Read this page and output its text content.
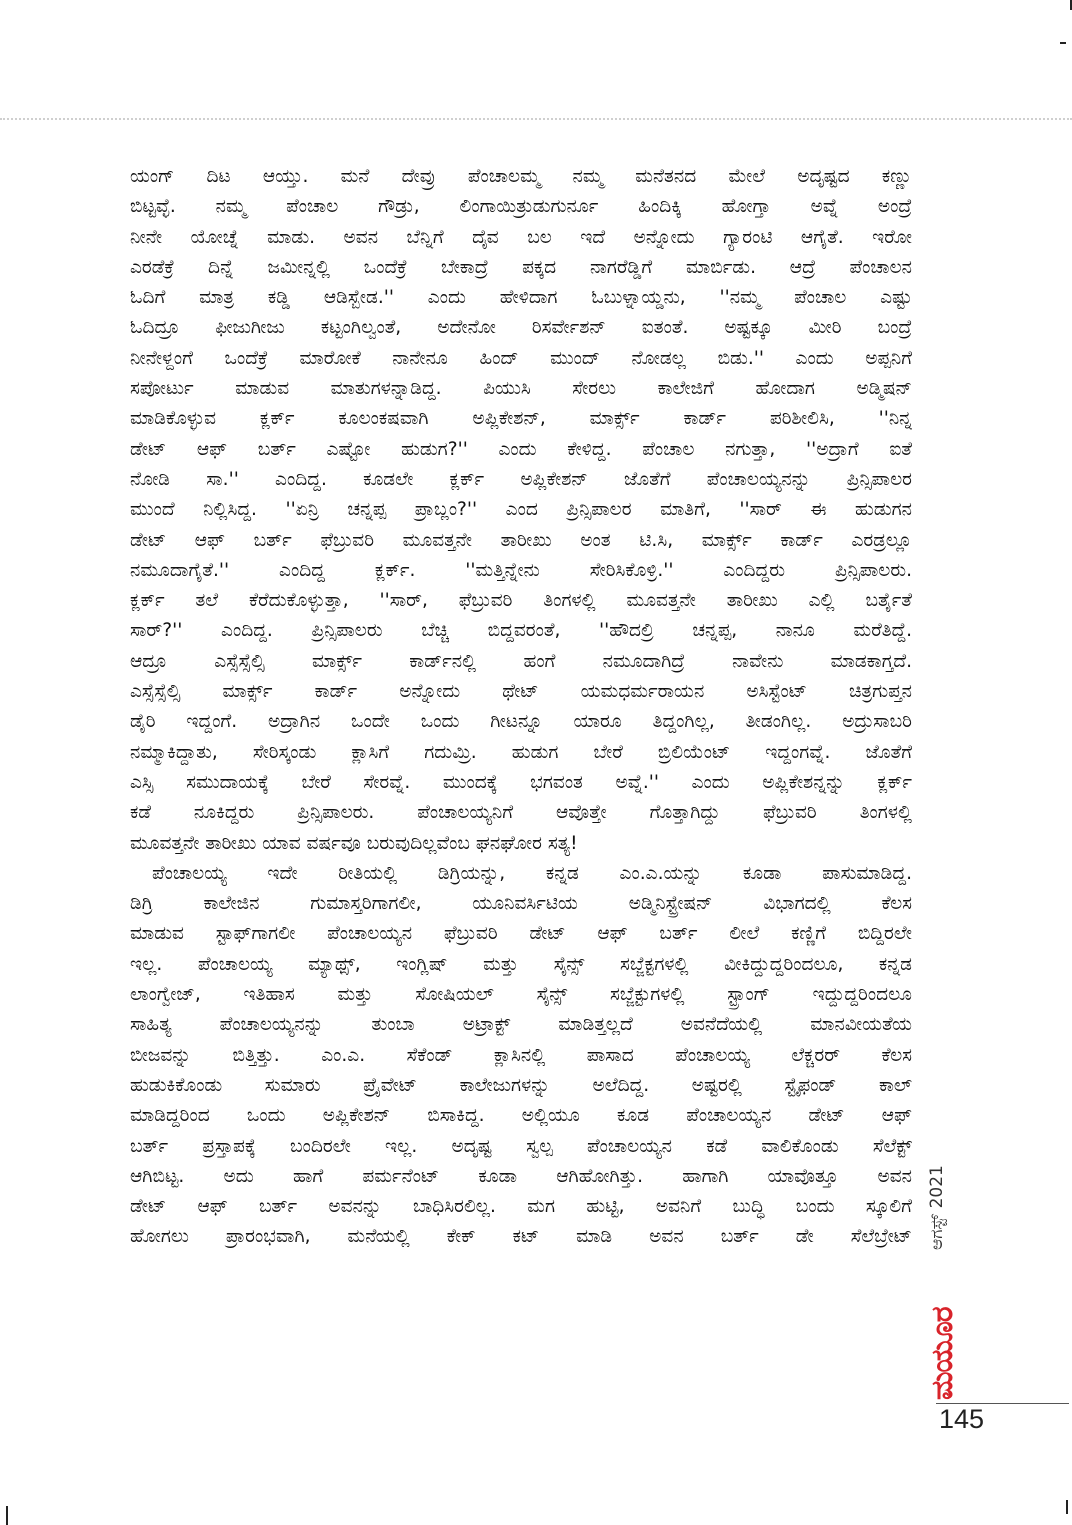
ಯಂಗ್ ದಿಟ ಆಯ್ತು. ಮನೆ ದೇವ್ರು ಪೆಂಚಾಲಮ್ಮ ನಮ್ಮ ಮನೆತನದ ಮೇಲೆ ಅದೃಷ್ಟದ ಕಣ್ಣು
ಬಿಟ್ಟವ್ಳೆ. ನಮ್ಮ ಪೆಂಚಾಲ ಗೌಡ್ರು, ಲಿಂಗಾಯಿತ್ರುಡುಗುರ್ನೂ ಹಿಂದಿಕ್ಕಿ ಹೋಗ್ತಾ ಅವ್ನೆ ಅಂದ್ರೆ
ನೀನೇ ಯೋಚ್ನೆ ಮಾಡು. ಅವನ ಬೆನ್ನಿಗೆ ದೈವ ಬಲ ಇದೆ ಅನ್ನೋದು ಗ್ಯಾರಂಟಿ ಆಗೈತೆ. ಇರೋ
ಎರಡೆಕ್ರೆ ದಿನ್ನೆ ಜಮೀನ್ನಲ್ಲಿ ಒಂದೆಕ್ರೆ ಬೇಕಾದ್ರೆ ಪಕ್ಕದ ನಾಗರೆಡ್ಡಿಗೆ ಮಾರ್ಬಿಡು. ಆದ್ರೆ ಪೆಂಚಾಲನ
ಓದಿಗೆ ಮಾತ್ರ ಕಡ್ಡಿ ಆಡಿಸ್ಬೇಡ.'' ಎಂದು ಹೇಳಿದಾಗ ಓಬುಳ್ನಾಯ್ಡನು, ''ನಮ್ಮ ಪೆಂಚಾಲ ಎಷ್ಟು
ಓದಿದ್ರೂ ಫೀಜುಗೀಜು ಕಟ್ಟಂಗಿಲ್ವಂತೆ, ಅದೇನೋ ರಿಸರ್ವೇಶನ್ ಐತಂತೆ. ಅಷ್ಟಕ್ಕೂ ಮೀರಿ ಬಂದ್ರೆ
ನೀನೇಳ್ದಂಗೆ ಒಂದೆಕ್ರೆ ಮಾರೋಕೆ ನಾನೇನೂ ಹಿಂದ್ ಮುಂದ್ ನೋಡಲ್ಲ ಬಿಡು.'' ಎಂದು ಅಪ್ಪನಿಗೆ
ಸಪೋರ್ಟು ಮಾಡುವ ಮಾತುಗಳನ್ನಾಡಿದ್ದ. ಪಿಯುಸಿ ಸೇರಲು ಕಾಲೇಜಿಗೆ ಹೋದಾಗ ಅಡ್ಮಿಷನ್
ಮಾಡಿಕೊಳ್ಳುವ ಕ್ಲರ್ಕ್ ಕೂಲಂಕಷವಾಗಿ ಅಪ್ಲಿಕೇಶನ್, ಮಾರ್ಕ್ಸ್ ಕಾರ್ಡ್ ಪರಿಶೀಲಿಸಿ, ''ನಿನ್ನ
ಡೇಟ್ ಆಫ್ ಬರ್ತ್ ಎಷ್ಟೋ ಹುಡುಗ?'' ಎಂದು ಕೇಳಿದ್ದ. ಪೆಂಚಾಲ ನಗುತ್ತಾ, ''ಅದ್ರಾಗೆ ಐತೆ
ನೋಡಿ ಸಾ.'' ಎಂದಿದ್ದ. ಕೂಡಲೇ ಕ್ಲರ್ಕ್ ಅಪ್ಲಿಕೇಶನ್ ಜೊತೆಗೆ ಪೆಂಚಾಲಯ್ಯನನ್ನು ಪ್ರಿನ್ಸಿಪಾಲರ
ಮುಂದೆ ನಿಲ್ಲಿಸಿದ್ದ. ''ಏನ್ರಿ ಚನ್ನಪ್ಪ ಪ್ರಾಬ್ಲಂ?'' ಎಂದ ಪ್ರಿನ್ಸಿಪಾಲರ ಮಾತಿಗೆ, ''ಸಾರ್ ಈ ಹುಡುಗನ
ಡೇಟ್ ಆಫ್ ಬರ್ತ್ ಫೆಬ್ರುವರಿ ಮೂವತ್ತನೇ ತಾರೀಖು ಅಂತ ಟಿ.ಸಿ, ಮಾರ್ಕ್ಸ್ ಕಾರ್ಡ್ ಎರಡ್ರಲ್ಲೂ
ನಮೂದಾಗೈತೆ.'' ಎಂದಿದ್ದ ಕ್ಲರ್ಕ್. ''ಮತ್ತಿನ್ನೇನು ಸೇರಿಸಿಕೊಳ್ರಿ.'' ಎಂದಿದ್ದರು ಪ್ರಿನ್ಸಿಪಾಲರು.
ಕ್ಲರ್ಕ್ ತಲೆ ಕೆರೆದುಕೊಳ್ಳುತ್ತಾ, ''ಸಾರ್, ಫೆಬ್ರುವರಿ ತಿಂಗಳಲ್ಲಿ ಮೂವತ್ತನೇ ತಾರೀಖು ಎಲ್ಲಿ ಬರ್ತೈತೆ
ಸಾರ್?'' ಎಂದಿದ್ದ. ಪ್ರಿನ್ಸಿಪಾಲರು ಬೆಚ್ಚಿ ಬಿದ್ದವರಂತೆ, ''ಹೌದಲ್ರಿ ಚನ್ನಪ್ಪ, ನಾನೂ ಮರೆತಿದ್ದೆ.
ಆದ್ರೂ ಎಸ್ಸೆಸ್ಸೆಲ್ಸಿ ಮಾರ್ಕ್ಸ್ ಕಾರ್ಡ್‌ನಲ್ಲಿ ಹಂಗೆ ನಮೂದಾಗಿದ್ರೆ ನಾವೇನು ಮಾಡಕಾಗ್ತದೆ.
ಎಸ್ಸೆಸ್ಸೆಲ್ಸಿ ಮಾರ್ಕ್ಸ್ ಕಾರ್ಡ್ ಅನ್ನೋದು ಥೇಟ್ ಯಮಧರ್ಮರಾಯನ ಅಸಿಸ್ಟೆಂಟ್ ಚಿತ್ರಗುಪ್ತನ
ಡೈರಿ ಇದ್ದಂಗೆ. ಅದ್ರಾಗಿನ ಒಂದೇ ಒಂದು ಗೀಟನ್ನೂ ಯಾರೂ ತಿದ್ದಂಗಿಲ್ಲ, ತೀಡಂಗಿಲ್ಲ. ಅದ್ರುಸಾಬರಿ
ನಮ್ಮಾಕಿದ್ದಾತು, ಸೇರಿಸ್ಕಂಡು ಕ್ಲಾಸಿಗೆ ಗದುಮ್ರಿ. ಹುಡುಗ ಬೇರೆ ಬ್ರಿಲಿಯೆಂಟ್ ಇದ್ದಂಗವ್ನೆ. ಜೊತೆಗೆ
ಎಸ್ಸಿ ಸಮುದಾಯಕ್ಕೆ ಬೇರೆ ಸೇರವ್ನೆ. ಮುಂದಕ್ಕೆ ಭಗವಂತ ಅವ್ನೆ.'' ಎಂದು ಅಪ್ಲಿಕೇಶನ್ನನ್ನು ಕ್ಲರ್ಕ್
ಕಡೆ ನೂಕಿದ್ದರು ಪ್ರಿನ್ಸಿಪಾಲರು. ಪೆಂಚಾಲಯ್ಯನಿಗೆ ಆವೊತ್ತೇ ಗೊತ್ತಾಗಿದ್ದು ಫೆಬ್ರುವರಿ ತಿಂಗಳಲ್ಲಿ
ಮೂವತ್ತನೇ ತಾರೀಖು ಯಾವ ವರ್ಷವೂ ಬರುವುದಿಲ್ಲವೆಂಬ ಘನಘೋರ ಸತ್ಯ!
ಪೆಂಚಾಲಯ್ಯ ಇದೇ ರೀತಿಯಲ್ಲಿ ಡಿಗ್ರಿಯನ್ನು, ಕನ್ನಡ ಎಂ.ಎ.ಯನ್ನು ಕೂಡಾ ಪಾಸುಮಾಡಿದ್ದ.
ಡಿಗ್ರಿ ಕಾಲೇಜಿನ ಗುಮಾಸ್ತರಿಗಾಗಲೀ, ಯೂನಿವರ್ಸಿಟಿಯ ಅಡ್ಮಿನಿಸ್ಟ್ರೇಷನ್ ವಿಭಾಗದಲ್ಲಿ ಕೆಲಸ
ಮಾಡುವ ಸ್ಟಾಫ್‌ಗಾಗಲೀ ಪೆಂಚಾಲಯ್ಯನ ಫೆಬ್ರುವರಿ ಡೇಟ್ ಆಫ್ ಬರ್ತ್ ಲೀಲೆ ಕಣ್ಣಿಗೆ ಬಿದ್ದಿರಲೇ
ಇಲ್ಲ. ಪೆಂಚಾಲಯ್ಯ ಮ್ಯಾಥ್ಸ್, ಇಂಗ್ಲಿಷ್ ಮತ್ತು ಸೈನ್ಸ್ ಸಬ್ಜೆಕ್ಟಗಳಲ್ಲಿ ವೀಕಿದ್ದುದ್ದರಿಂದಲೂ, ಕನ್ನಡ
ಲಾಂಗ್ವೇಜ್, ಇತಿಹಾಸ ಮತ್ತು ಸೋಷಿಯಲ್ ಸೈನ್ಸ್ ಸಬ್ಜೆಕ್ಟುಗಳಲ್ಲಿ ಸ್ಟ್ರಾಂಗ್ ಇದ್ದುದ್ದರಿಂದಲೂ
ಸಾಹಿತ್ಯ ಪೆಂಚಾಲಯ್ಯನನ್ನು ತುಂಬಾ ಅಟ್ರಾಕ್ಟ್ ಮಾಡಿತ್ತಲ್ಲದೆ ಅವನೆದೆಯಲ್ಲಿ ಮಾನವೀಯತೆಯ
ಬೀಜವನ್ನು ಬಿತ್ತಿತ್ತು. ಎಂ.ಎ. ಸೆಕೆಂಡ್ ಕ್ಲಾಸಿನಲ್ಲಿ ಪಾಸಾದ ಪೆಂಚಾಲಯ್ಯ ಲೆಕ್ಚರರ್ ಕೆಲಸ
ಹುಡುಕಿಕೊಂಡು ಸುಮಾರು ಪ್ರೈವೇಟ್ ಕಾಲೇಜುಗಳನ್ನು ಅಲೆದಿದ್ದ. ಅಷ್ಟರಲ್ಲಿ ಸ್ಟೈಫಂಡ್ ಕಾಲ್
ಮಾಡಿದ್ದರಿಂದ ಒಂದು ಅಪ್ಲಿಕೇಶನ್ ಬಿಸಾಕಿದ್ದ. ಅಲ್ಲಿಯೂ ಕೂಡ ಪೆಂಚಾಲಯ್ಯನ ಡೇಟ್ ಆಫ್
ಬರ್ತ್ ಪ್ರಸ್ತಾಪಕ್ಕೆ ಬಂದಿರಲೇ ಇಲ್ಲ. ಅದೃಷ್ಟ ಸ್ವಲ್ಪ ಪೆಂಚಾಲಯ್ಯನ ಕಡೆ ವಾಲಿಕೊಂಡು ಸೆಲೆಕ್ಟ್
ಆಗಿಬಿಟ್ಟ. ಅದು ಹಾಗೆ ಪರ್ಮನೆಂಟ್ ಕೂಡಾ ಆಗಿಹೋಗಿತ್ತು. ಹಾಗಾಗಿ ಯಾವೊತ್ತೂ ಅವನ
ಡೇಟ್ ಆಫ್ ಬರ್ತ್ ಅವನನ್ನು ಬಾಧಿಸಿರಲಿಲ್ಲ. ಮಗ ಹುಟ್ಟಿ, ಅವನಿಗೆ ಬುದ್ಧಿ ಬಂದು ಸ್ಕೂಲಿಗೆ
ಹೋಗಲು ಪ್ರಾರಂಭವಾಗಿ, ಮನೆಯಲ್ಲಿ ಕೇಕ್ ಕಟ್ ಮಾಡಿ ಅವನ ಬರ್ತ್ ಡೇ ಸೆಲೆಬ್ರೇಟ್ ಆಗಸ್ಟ್ 2021
ಮಯೂರ
145
